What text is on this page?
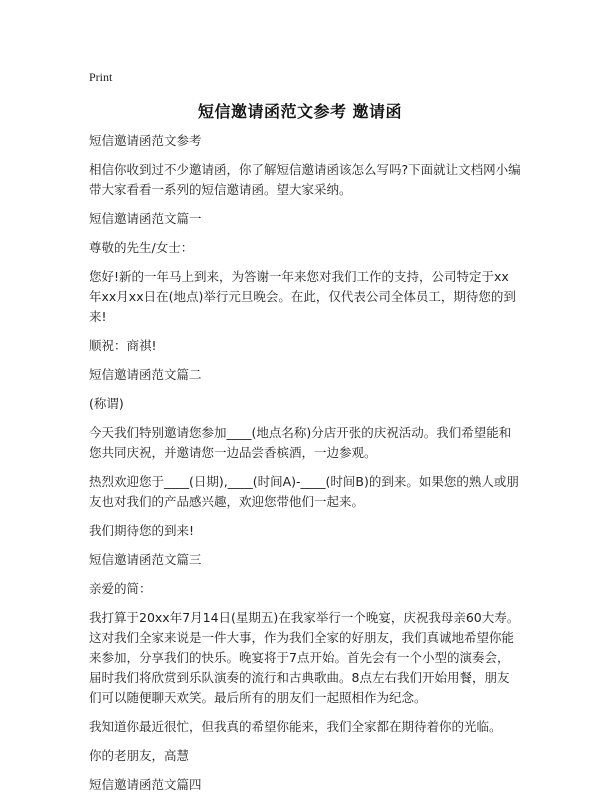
Print
短信邀请函范文参考 邀请函

短信邀请函范文参考

相信你收到过不少邀请函，你了解短信邀请函该怎么写吗?下面就让文档网小编带大家看看一系列的短信邀请函。望大家采纳。

短信邀请函范文篇一

尊敬的先生/女士：

您好!新的一年马上到来，为答谢一年来您对我们工作的支持，公司特定于xx年xx月xx日在(地点)举行元旦晚会。在此，仅代表公司全体员工，期待您的到来!

顺祝：商祺!

短信邀请函范文篇二

(称谓)

今天我们特别邀请您参加____(地点名称)分店开张的庆祝活动。我们希望能和您共同庆祝，并邀请您一边品尝香槟酒，一边参观。

热烈欢迎您于____(日期),____(时间A)-____(时间B)的到来。如果您的熟人或朋友也对我们的产品感兴趣，欢迎您带他们一起来。

我们期待您的到来!

短信邀请函范文篇三

亲爱的简：

我打算于20xx年7月14日(星期五)在我家举行一个晚宴，庆祝我母亲60大寿。这对我们全家来说是一件大事，作为我们全家的好朋友，我们真诚地希望你能来参加，分享我们的快乐。晚宴将于7点开始。首先会有一个小型的演奏会，届时我们将欣赏到乐队演奏的流行和古典歌曲。8点左右我们开始用餐，朋友们可以随便聊天欢笑。最后所有的朋友们一起照相作为纪念。

我知道你最近很忙，但我真的希望你能来，我们全家都在期待着你的光临。

你的老朋友，高慧

短信邀请函范文篇四
